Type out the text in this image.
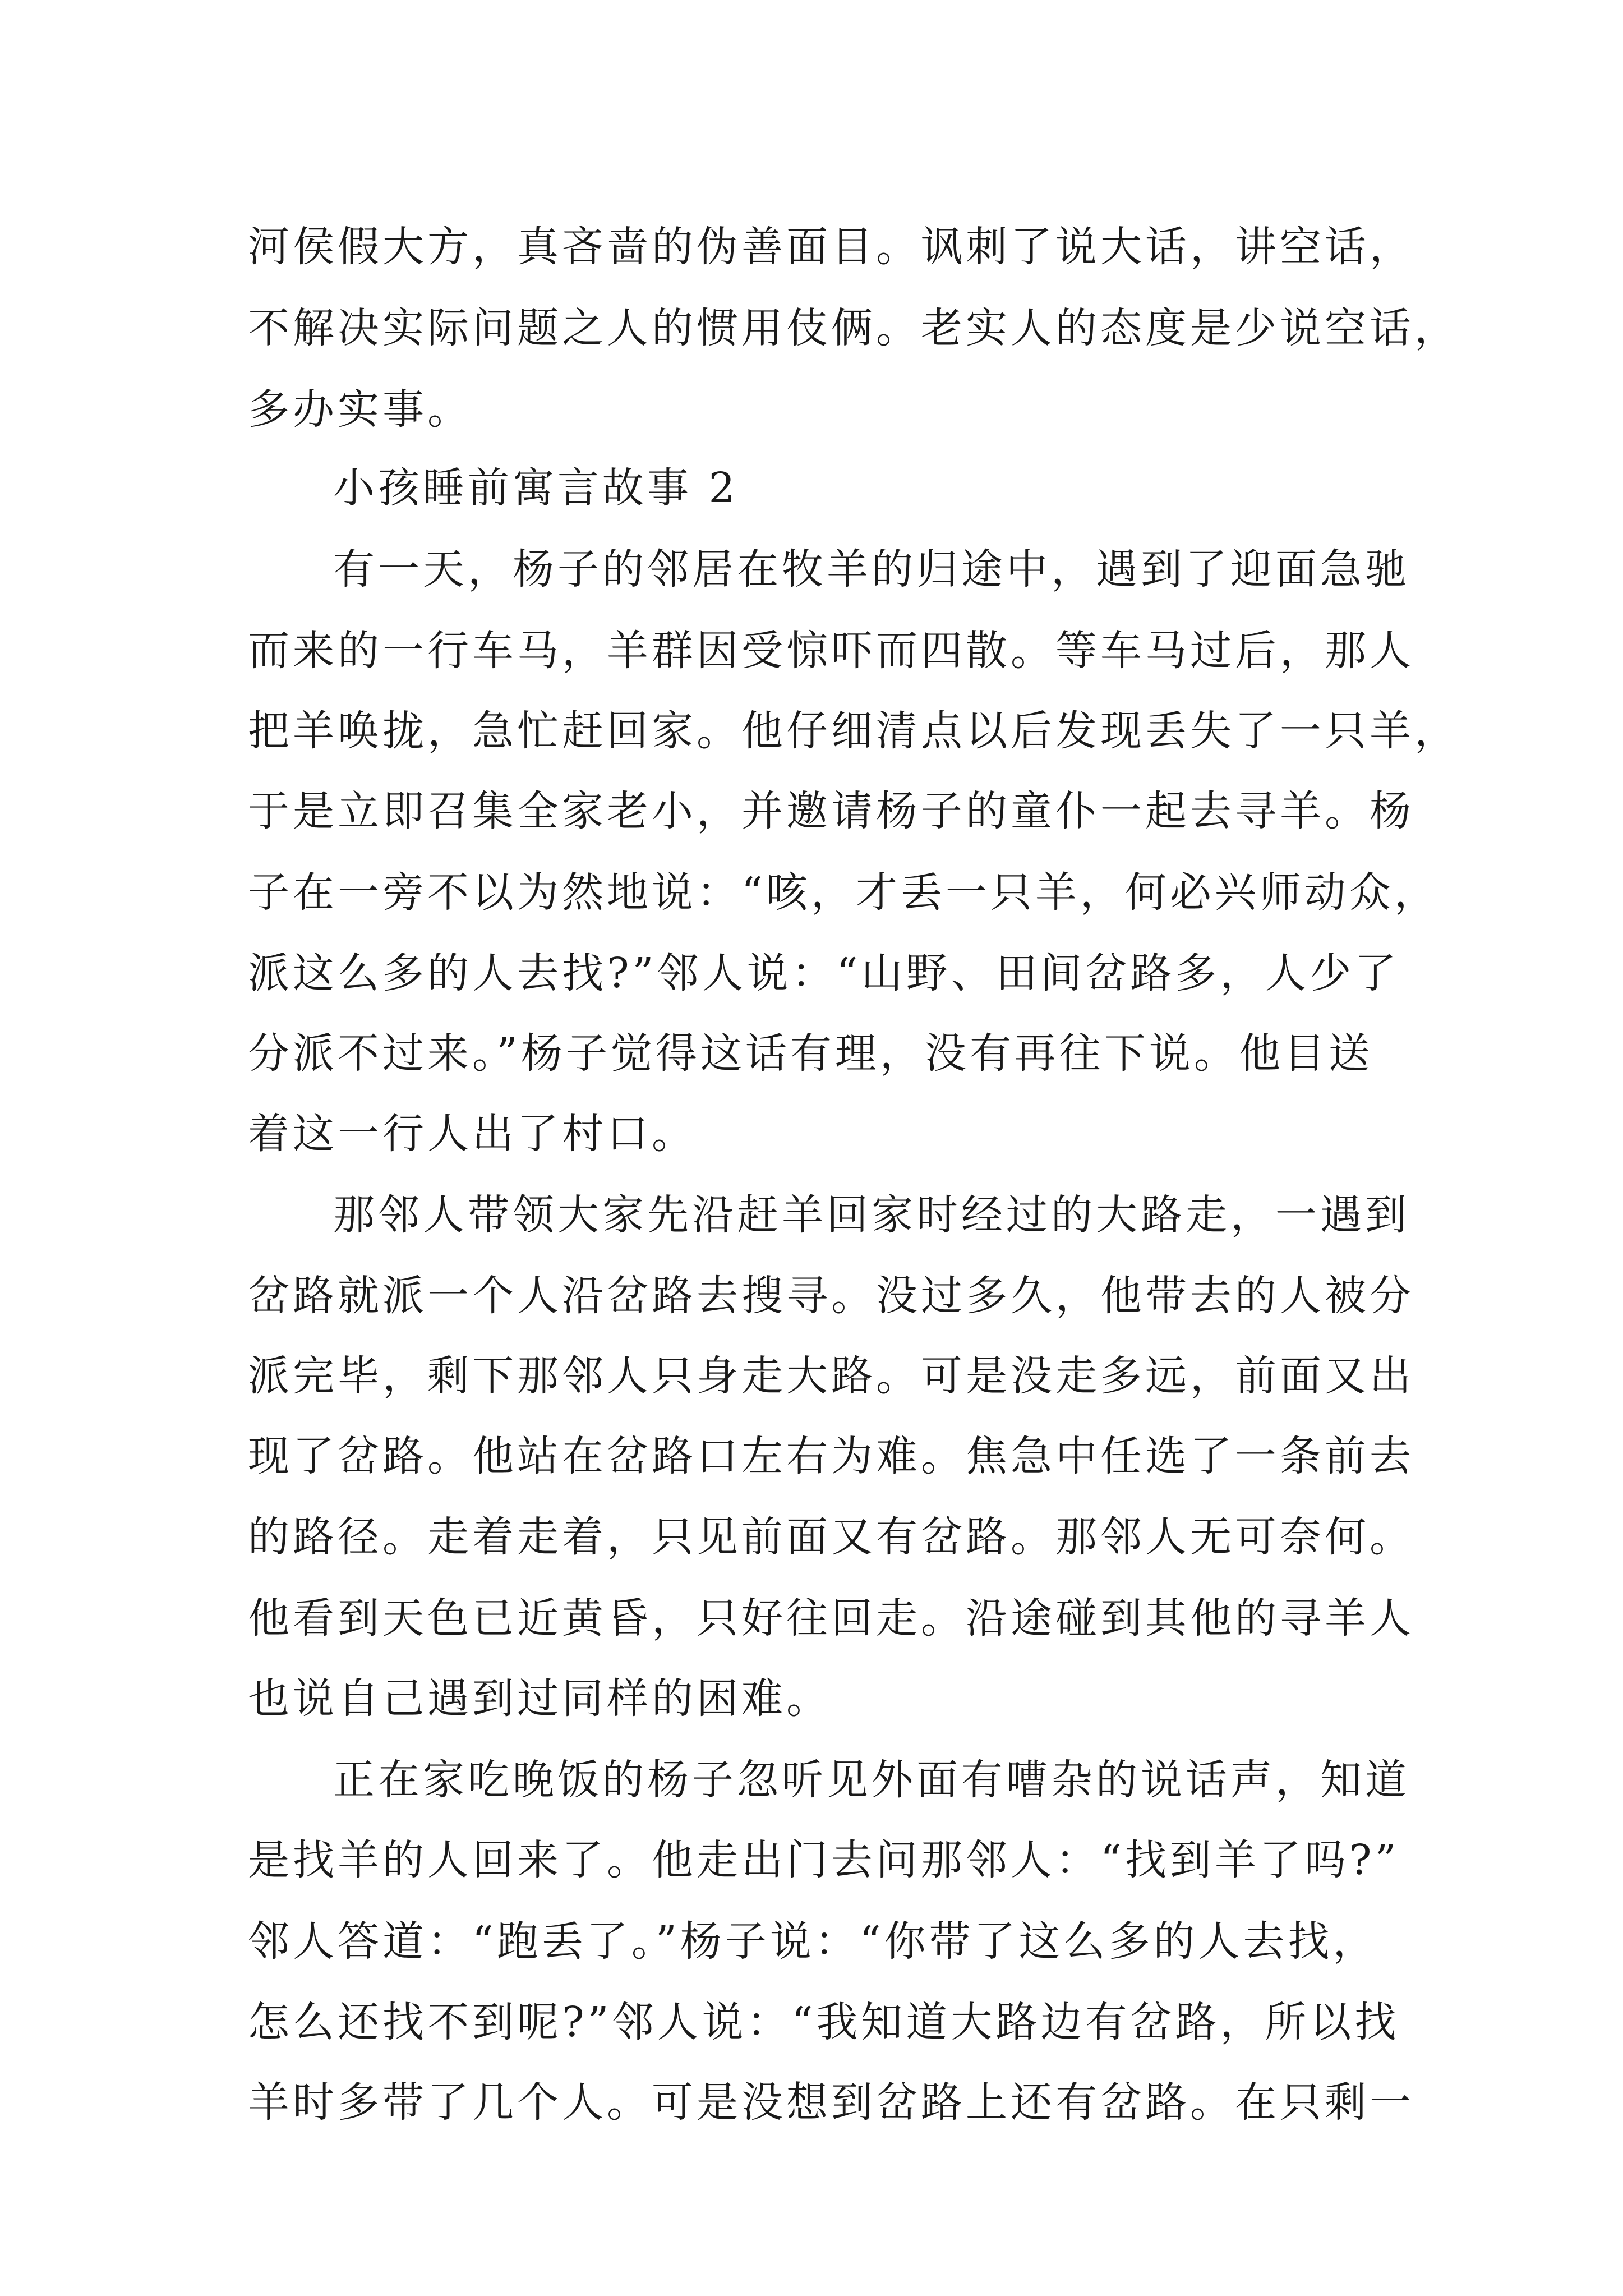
河侯假大方，真吝啬的伪善面目。讽刺了说大话，讲空话，

不解决实际问题之人的惯用伎俩。老实人的态度是少说空话，

多办实事。

小孩睡前寓言故事 2

有一天，杨子的邻居在牧羊的归途中，遇到了迎面急驰

而来的一行车马，羊群因受惊吓而四散。等车马过后，那人

把羊唤拢，急忙赶回家。他仔细清点以后发现丢失了一只羊，

于是立即召集全家老小，并邀请杨子的童仆一起去寻羊。杨

子在一旁不以为然地说：“咳，才丢一只羊，何必兴师动众，

派这么多的人去找?”邻人说：“山野、田间岔路多，人少了

分派不过来。”杨子觉得这话有理，没有再往下说。他目送

着这一行人出了村口。

那邻人带领大家先沿赶羊回家时经过的大路走，一遇到

岔路就派一个人沿岔路去搜寻。没过多久，他带去的人被分

派完毕，剩下那邻人只身走大路。可是没走多远，前面又出

现了岔路。他站在岔路口左右为难。焦急中任选了一条前去

的路径。走着走着，只见前面又有岔路。那邻人无可奈何。

他看到天色已近黄昏，只好往回走。沿途碰到其他的寻羊人

也说自己遇到过同样的困难。

正在家吃晚饭的杨子忽听见外面有嘈杂的说话声，知道

是找羊的人回来了。他走出门去问那邻人：“找到羊了吗?”

邻人答道：“跑丢了。”杨子说：“你带了这么多的人去找，

怎么还找不到呢?”邻人说：“我知道大路边有岔路，所以找

羊时多带了几个人。可是没想到岔路上还有岔路。在只剩一
